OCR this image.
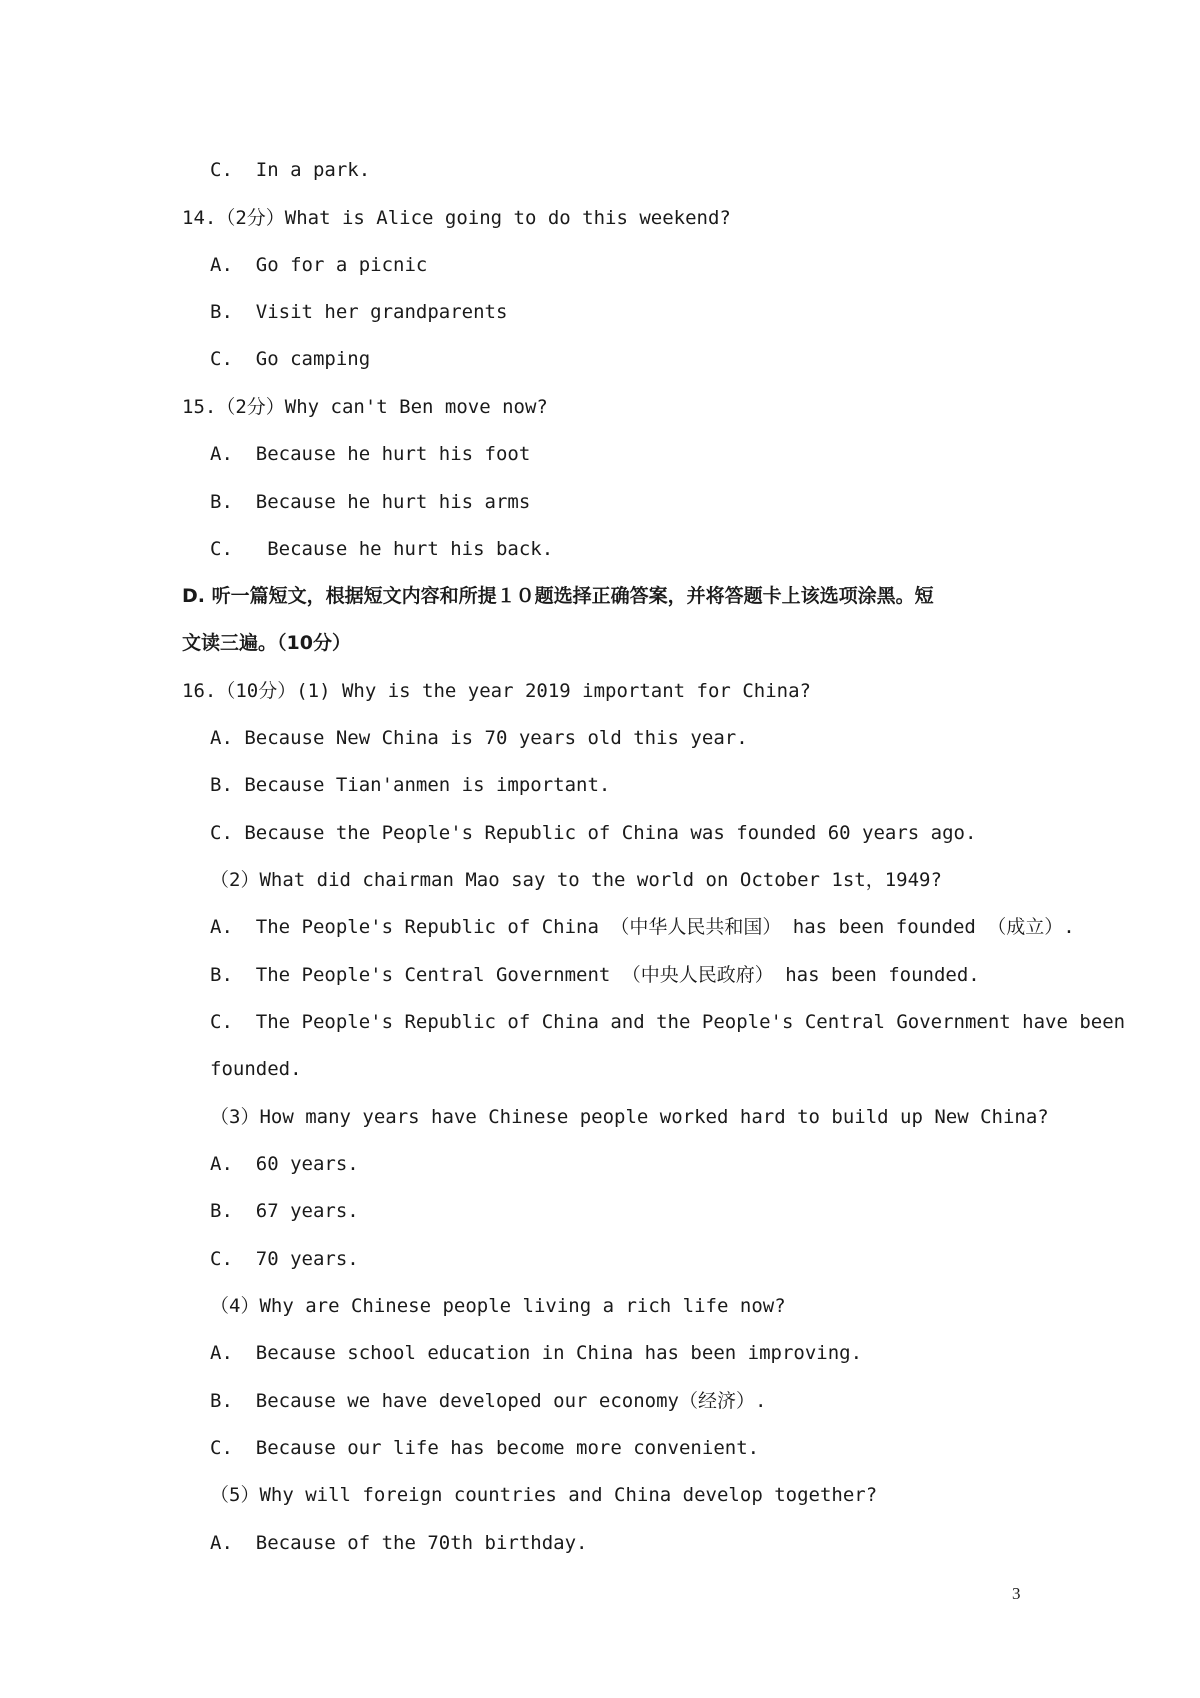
C.  In a park.
14.（2分）What is Alice going to do this weekend?
A.  Go for a picnic
B.  Visit her grandparents
C.  Go camping
15.（2分）Why can't Ben move now?
A.  Because he hurt his foot
B.  Because he hurt his arms
C.   Because he hurt his back.
D. 听一篇短文，根据短文内容和所提１０题选择正确答案，并将答题卡上该选项涂黑。短
文读三遍。（10分）
16.（10分）(1) Why is the year 2019 important for China?
A. Because New China is 70 years old this year.
B. Because Tian'anmen is important.
C. Because the People's Republic of China was founded 60 years ago.
（2）What did chairman Mao say to the world on October 1st，1949?
A.  The People's Republic of China （中华人民共和国） has been founded （成立）.
B.  The People's Central Government （中央人民政府） has been founded.
C.  The People's Republic of China and the People's Central Government have been
founded.
（3）How many years have Chinese people worked hard to build up New China?
A.  60 years.
B.  67 years.
C.  70 years.
（4）Why are Chinese people living a rich life now?
A.  Because school education in China has been improving.
B.  Because we have developed our economy（经济）.
C.  Because our life has become more convenient.
（5）Why will foreign countries and China develop together?
A.  Because of the 70th birthday.
3
